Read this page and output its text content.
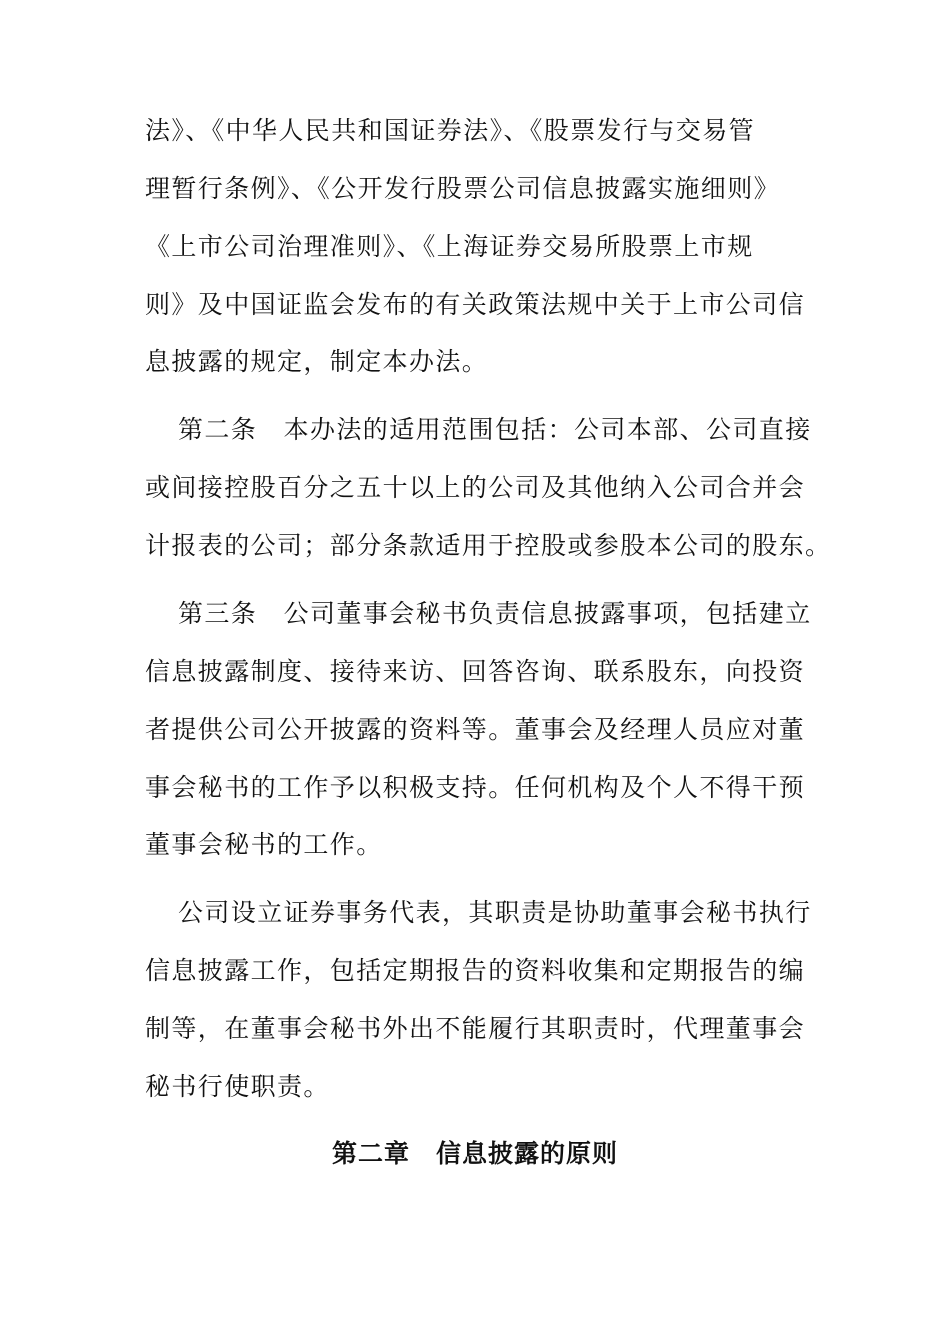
法》、《中华人民共和国证券法》、《股票发行与交易管
理暂行条例》、《公开发行股票公司信息披露实施细则》
《上市公司治理准则》、《上海证券交易所股票上市规
则》及中国证监会发布的有关政策法规中关于上市公司信
息披露的规定，制定本办法。
第二条　本办法的适用范围包括：公司本部、公司直接
或间接控股百分之五十以上的公司及其他纳入公司合并会
计报表的公司；部分条款适用于控股或参股本公司的股东。
第三条　公司董事会秘书负责信息披露事项，包括建立
信息披露制度、接待来访、回答咨询、联系股东，向投资
者提供公司公开披露的资料等。董事会及经理人员应对董
事会秘书的工作予以积极支持。任何机构及个人不得干预
董事会秘书的工作。
公司设立证券事务代表，其职责是协助董事会秘书执行
信息披露工作，包括定期报告的资料收集和定期报告的编
制等，在董事会秘书外出不能履行其职责时，代理董事会
秘书行使职责。
第二章　信息披露的原则
